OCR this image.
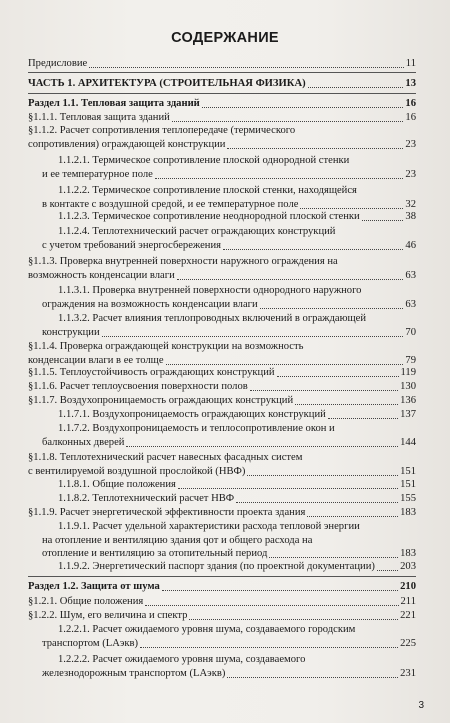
СОДЕРЖАНИЕ
Предисловие	11
ЧАСТЬ 1. АРХИТЕКТУРА (СТРОИТЕЛЬНАЯ ФИЗИКА)	13
Раздел 1.1. Тепловая защита зданий	16
§1.1.1. Тепловая защита зданий	16
§1.1.2. Расчет сопротивления теплопередаче (термического
сопротивления) ограждающей конструкции	23
1.1.2.1. Термическое сопротивление плоской однородной стенки
и ее температурное поле	23
1.1.2.2. Термическое сопротивление плоской стенки, находящейся
в контакте с воздушной средой, и ее температурное поле	32
1.1.2.3. Термическое сопротивление неоднородной плоской стенки	38
1.1.2.4. Теплотехнический расчет ограждающих конструкций
с учетом требований энергосбережения	46
§1.1.3. Проверка внутренней поверхности наружного ограждения на
возможность конденсации влаги	63
1.1.3.1. Проверка внутренней поверхности однородного наружного
ограждения на возможность конденсации влаги	63
1.1.3.2. Расчет влияния теплопроводных включений в ограждающей
конструкции	70
§1.1.4. Проверка ограждающей конструкции на возможность
конденсации влаги в ее толще	79
§1.1.5. Теплоустойчивость ограждающих конструкций	119
§1.1.6. Расчет теплоусвоения поверхности полов	130
§1.1.7. Воздухопроницаемость ограждающих конструкций	136
1.1.7.1. Воздухопроницаемость ограждающих конструкций	137
1.1.7.2. Воздухопроницаемость и теплосопротивление окон и
балконных дверей	144
§1.1.8. Теплотехнический расчет навесных фасадных систем
с вентилируемой воздушной прослойкой (НВФ)	151
1.1.8.1. Общие положения	151
1.1.8.2. Теплотехнический расчет НВФ	155
§1.1.9. Расчет энергетической эффективности проекта здания	183
1.1.9.1. Расчет удельной характеристики расхода тепловой энергии
на отопление и вентиляцию здания qот и общего расхода на
отопление и вентиляцию за отопительный период	183
1.1.9.2. Энергетический паспорт здания (по проектной документации) 203
Раздел 1.2. Защита от шума	210
§1.2.1. Общие положения	211
§1.2.2. Шум, его величина и спектр	221
1.2.2.1. Расчет ожидаемого уровня шума, создаваемого городским
транспортом (LАэкв)	225
1.2.2.2. Расчет ожидаемого уровня шума, создаваемого
железнодорожным транспортом (LАэкв)	231
3
